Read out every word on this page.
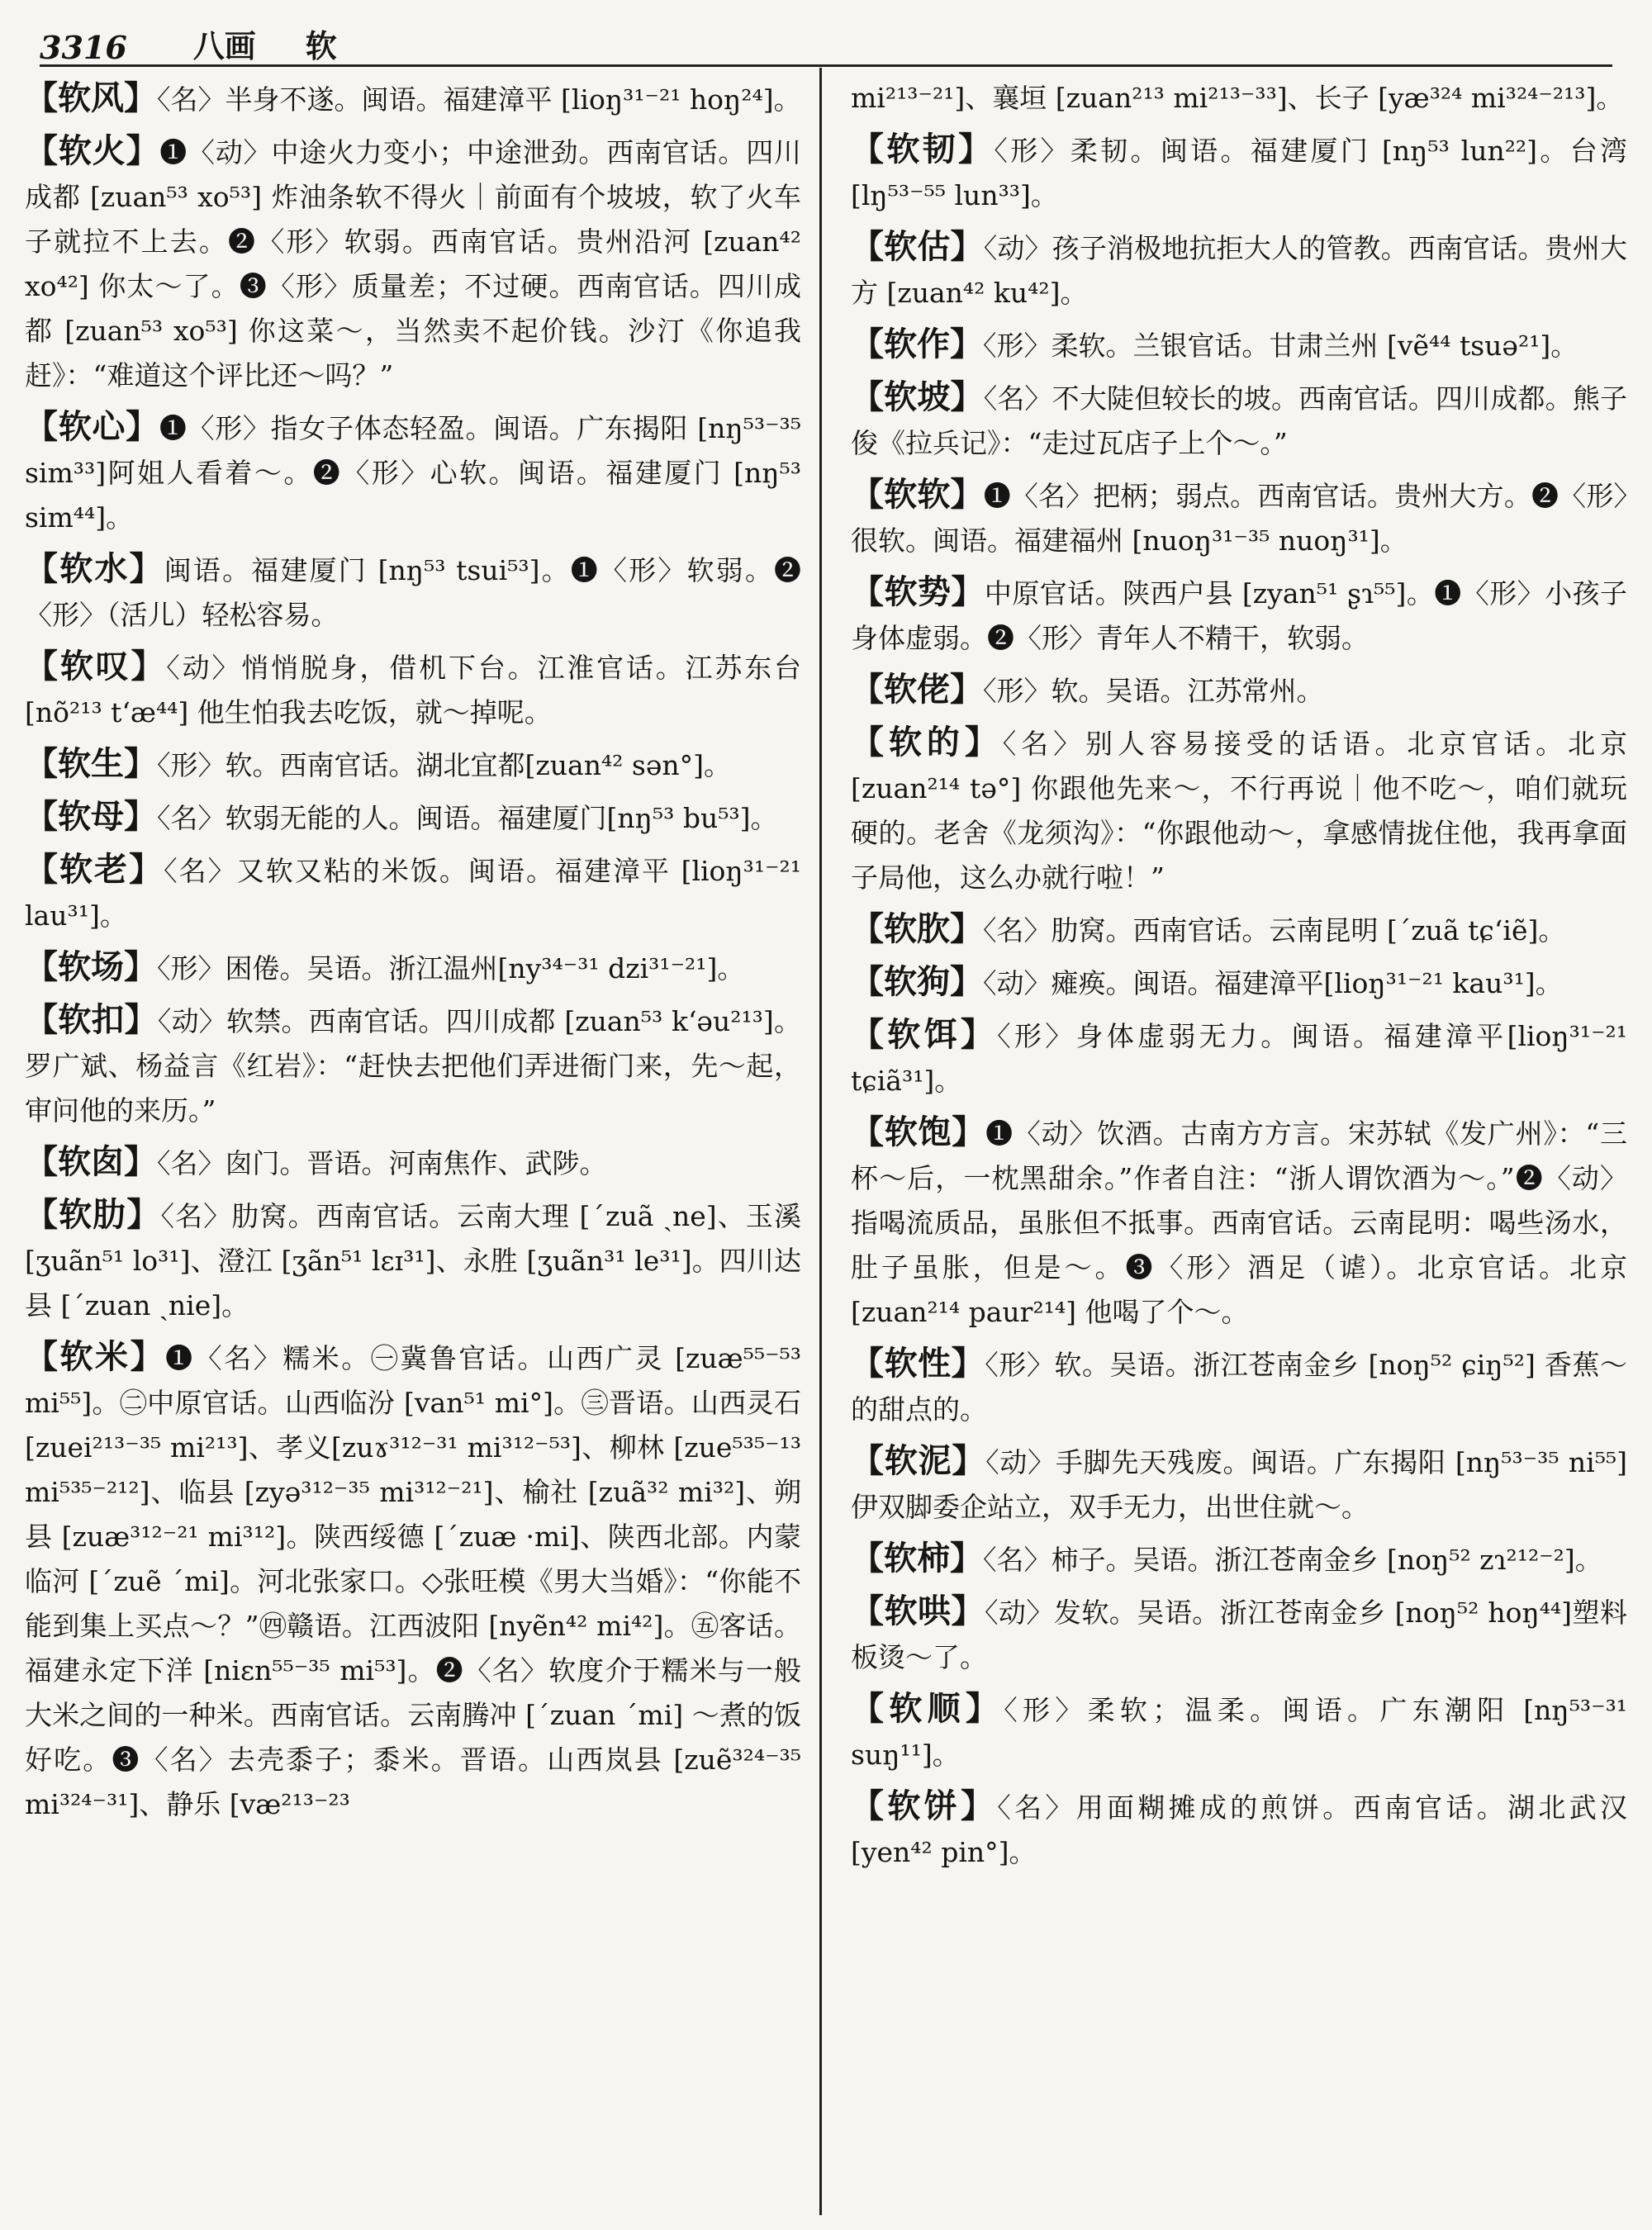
3316 八画 软

【软风】〈名〉半身不遂。闽语。福建漳平 [lioŋ³¹⁻²¹ hoŋ²⁴]。

【软火】❶〈动〉中途火力变小；中途泄劲。西南官话。四川成都 [zuan⁵³ xo⁵³] 炸油条软不得火｜前面有个坡坡，软了火车子就拉不上去。❷〈形〉软弱。西南官话。贵州沿河 [zuan⁴² xo⁴²] 你太～了。❸〈形〉质量差；不过硬。西南官话。四川成都 [zuan⁵³ xo⁵³] 你这菜～，当然卖不起价钱。沙汀《你追我赶》：“难道这个评比还～吗？”

【软心】❶〈形〉指女子体态轻盈。闽语。广东揭阳 [nŋ⁵³⁻³⁵ sim³³]阿姐人看着～。❷〈形〉心软。闽语。福建厦门 [nŋ⁵³ sim⁴⁴]。

【软水】闽语。福建厦门 [nŋ⁵³ tsui⁵³]。❶〈形〉软弱。❷〈形〉（活儿）轻松容易。

【软叹】〈动〉悄悄脱身，借机下台。江淮官话。江苏东台 [nõ²¹³ t‘æ⁴⁴] 他生怕我去吃饭，就～掉呢。

【软生】〈形〉软。西南官话。湖北宜都[zuan⁴² sən°]。

【软母】〈名〉软弱无能的人。闽语。福建厦门[nŋ⁵³ bu⁵³]。

【软老】〈名〉又软又粘的米饭。闽语。福建漳平 [lioŋ³¹⁻²¹ lau³¹]。

【软场】〈形〉困倦。吴语。浙江温州[ny³⁴⁻³¹ dzi³¹⁻²¹]。

【软扣】〈动〉软禁。西南官话。四川成都 [zuan⁵³ k‘əu²¹³]。罗广斌、杨益言《红岩》：“赶快去把他们弄进衙门来，先～起，审问他的来历。”

【软囱】〈名〉囱门。晋语。河南焦作、武陟。

【软肋】〈名〉肋窝。西南官话。云南大理 [ˊzuã ˏne]、玉溪 [ʒuãn⁵¹ lo³¹]、澄江 [ʒãn⁵¹ lɛɪ³¹]、永胜 [ʒuãn³¹ le³¹]。四川达县 [ˊzuan ˏnie]。

【软米】❶〈名〉糯米。㊀冀鲁官话。山西广灵 [zuæ⁵⁵⁻⁵³ mi⁵⁵]。㊁中原官话。山西临汾 [van⁵¹ mi°]。㊂晋语。山西灵石[zuei²¹³⁻³⁵ mi²¹³]、孝义[zuɤ³¹²⁻³¹ mi³¹²⁻⁵³]、柳林 [zue⁵³⁵⁻¹³ mi⁵³⁵⁻²¹²]、临县 [zyə³¹²⁻³⁵ mi³¹²⁻²¹]、榆社 [zuã³² mi³²]、朔县 [zuæ³¹²⁻²¹ mi³¹²]。陕西绥德 [ˊzuæ ·mi]、陕西北部。内蒙临河 [ˊzuẽ ˊmi]。河北张家口。◇张旺模《男大当婚》：“你能不能到集上买点～？”㊃赣语。江西波阳 [nyẽn⁴² mi⁴²]。㊄客话。福建永定下洋 [niɛn⁵⁵⁻³⁵ mi⁵³]。❷〈名〉软度介于糯米与一般大米之间的一种米。西南官话。云南腾冲 [ˊzuan ˊmi] ～煮的饭好吃。❸〈名〉去壳黍子；黍米。晋语。山西岚县 [zuẽ³²⁴⁻³⁵ mi³²⁴⁻³¹]、静乐 [væ²¹³⁻²³

mi²¹³⁻²¹]、襄垣 [zuan²¹³ mi²¹³⁻³³]、长子 [yæ³²⁴ mi³²⁴⁻²¹³]。

【软韧】〈形〉柔韧。闽语。福建厦门 [nŋ⁵³ lun²²]。台湾 [lŋ⁵³⁻⁵⁵ lun³³]。

【软估】〈动〉孩子消极地抗拒大人的管教。西南官话。贵州大方 [zuan⁴² ku⁴²]。

【软作】〈形〉柔软。兰银官话。甘肃兰州 [vẽ⁴⁴ tsuə²¹]。

【软坡】〈名〉不大陡但较长的坡。西南官话。四川成都。熊子俊《拉兵记》：“走过瓦店子上个～。”

【软软】❶〈名〉把柄；弱点。西南官话。贵州大方。❷〈形〉很软。闽语。福建福州 [nuoŋ³¹⁻³⁵ nuoŋ³¹]。

【软势】中原官话。陕西户县 [zyan⁵¹ ʂɿ⁵⁵]。❶〈形〉小孩子身体虚弱。❷〈形〉青年人不精干，软弱。

【软佬】〈形〉软。吴语。江苏常州。

【软的】〈名〉别人容易接受的话语。北京官话。北京 [zuan²¹⁴ tə°] 你跟他先来～，不行再说｜他不吃～，咱们就玩硬的。老舍《龙须沟》：“你跟他动～，拿感情拢住他，我再拿面子局他，这么办就行啦！”

【软肷】〈名〉肋窝。西南官话。云南昆明 [ˊzuã tɕ‘iẽ]。

【软狗】〈动〉瘫痪。闽语。福建漳平[lioŋ³¹⁻²¹ kau³¹]。

【软饵】〈形〉身体虚弱无力。闽语。福建漳平[lioŋ³¹⁻²¹ tɕiã³¹]。

【软饱】❶〈动〉饮酒。古南方方言。宋苏轼《发广州》：“三杯～后，一枕黑甜余。”作者自注：“浙人谓饮酒为～。”❷〈动〉指喝流质品，虽胀但不抵事。西南官话。云南昆明：喝些汤水，肚子虽胀，但是～。❸〈形〉酒足（谑）。北京官话。北京 [zuan²¹⁴ paur²¹⁴] 他喝了个～。

【软性】〈形〉软。吴语。浙江苍南金乡 [noŋ⁵² ɕiŋ⁵²] 香蕉～的甜点的。

【软泥】〈动〉手脚先天残废。闽语。广东揭阳 [nŋ⁵³⁻³⁵ ni⁵⁵] 伊双脚委企站立，双手无力，出世住就～。

【软柿】〈名〉柿子。吴语。浙江苍南金乡 [noŋ⁵² zɿ²¹²⁻²]。

【软哄】〈动〉发软。吴语。浙江苍南金乡 [noŋ⁵² hoŋ⁴⁴]塑料板烫～了。

【软顺】〈形〉柔软；温柔。闽语。广东潮阳 [nŋ⁵³⁻³¹ suŋ¹¹]。

【软饼】〈名〉用面糊摊成的煎饼。西南官话。湖北武汉 [yen⁴² pin°]。
